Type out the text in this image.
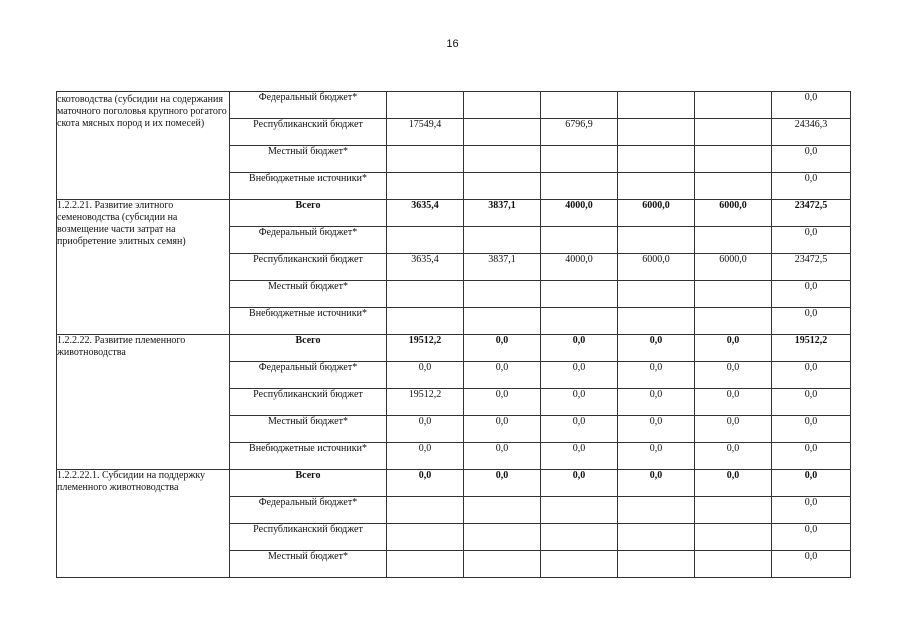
16
скотоводства (субсидии на содержания маточного поголовья крупного рогатого скота мясных пород и их помесей)	Федеральный бюджет*						0,0
	Республиканский бюджет	17549,4		6796,9			24346,3
	Местный бюджет*						0,0
	Внебюджетные источники*						0,0
1.2.2.21. Развитие элитного семеноводства (субсидии на возмещение части затрат на приобретение элитных семян)	Всего	3635,4	3837,1	4000,0	6000,0	6000,0	23472,5
	Федеральный бюджет*						0,0
	Республиканский бюджет	3635,4	3837,1	4000,0	6000,0	6000,0	23472,5
	Местный бюджет*						0,0
	Внебюджетные источники*						0,0
1.2.2.22. Развитие племенного животноводства	Всего	19512,2	0,0	0,0	0,0	0,0	19512,2
	Федеральный бюджет*	0,0	0,0	0,0	0,0	0,0	0,0
	Республиканский бюджет	19512,2	0,0	0,0	0,0	0,0	0,0
	Местный бюджет*	0,0	0,0	0,0	0,0	0,0	0,0
	Внебюджетные источники*	0,0	0,0	0,0	0,0	0,0	0,0
1.2.2.22.1. Субсидии на поддержку племенного животноводства	Всего	0,0	0,0	0,0	0,0	0,0	0,0
	Федеральный бюджет*						0,0
	Республиканский бюджет						0,0
	Местный бюджет*						0,0
